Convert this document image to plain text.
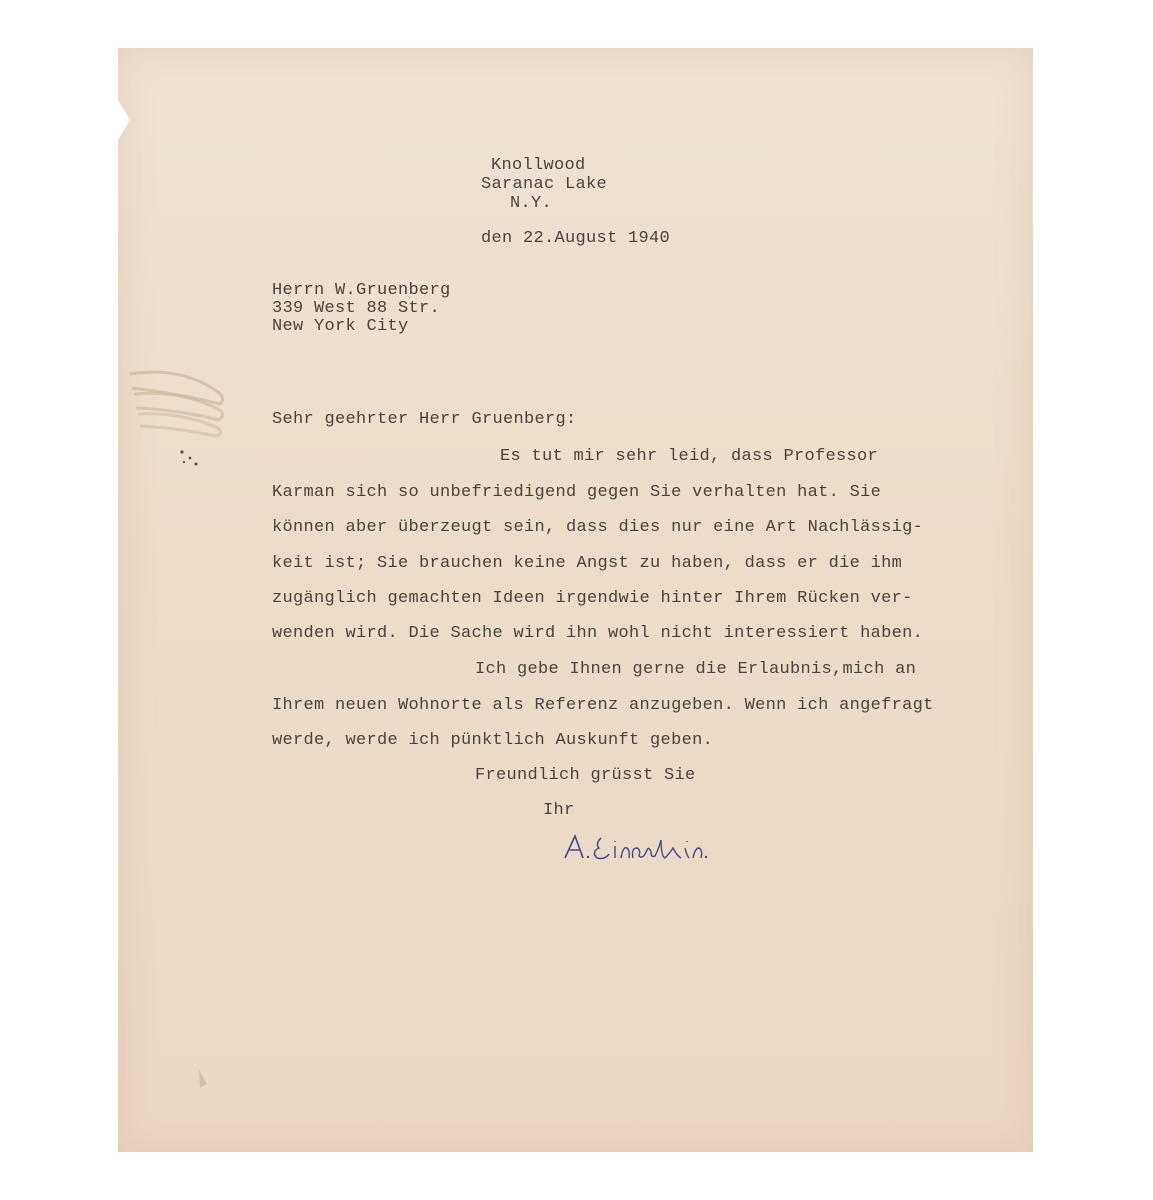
Knollwood
Saranac Lake
N.Y.
den 22.August 1940
Herrn W.Gruenberg
339 West 88 Str.
New York City
Sehr geehrter Herr Gruenberg:
Es tut mir sehr leid, dass Professor
Karman sich so unbefriedigend gegen Sie verhalten hat. Sie
können aber überzeugt sein, dass dies nur eine Art Nachlässig-
keit ist; Sie brauchen keine Angst zu haben, dass er die ihm
zugänglich gemachten Ideen irgendwie hinter Ihrem Rücken ver-
wenden wird. Die Sache wird ihn wohl nicht interessiert haben.
Ich gebe Ihnen gerne die Erlaubnis,mich an
Ihrem neuen Wohnorte als Referenz anzugeben. Wenn ich angefragt
werde, werde ich pünktlich Auskunft geben.
Freundlich grüsst Sie
Ihr
